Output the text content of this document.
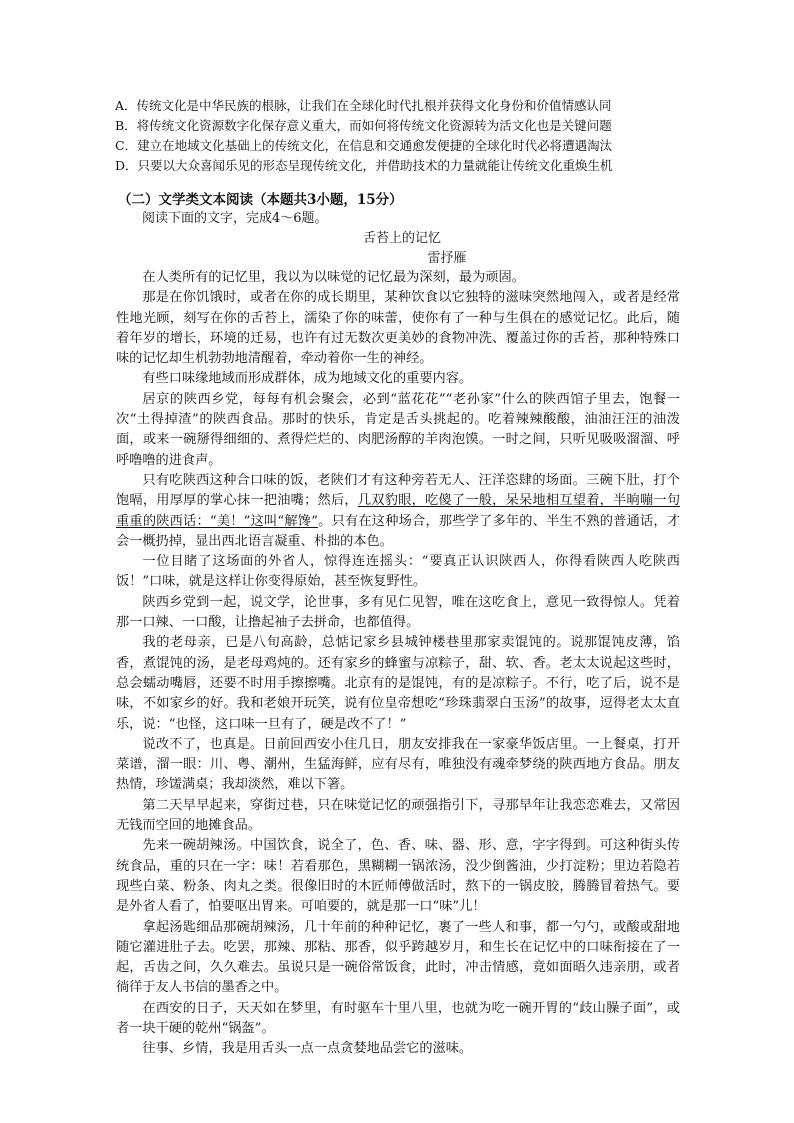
A．传统文化是中华民族的根脉，让我们在全球化时代扎根并获得文化身份和价值情感认同
B．将传统文化资源数字化保存意义重大，而如何将传统文化资源转为活文化也是关键问题
C．建立在地域文化基础上的传统文化，在信息和交通愈发便捷的全球化时代必将遭遇淘汰
D．只要以大众喜闻乐见的形态呈现传统文化，并借助技术的力量就能让传统文化重焕生机
（二）文学类文本阅读（本题共3小题，15分）
阅读下面的文字，完成4～6题。
舌苔上的记忆
雷抒雁

在人类所有的记忆里，我以为以味觉的记忆最为深刻，最为顽固。

那是在你饥饿时，或者在你的成长期里，某种饮食以它独特的滋味突然地闯入，或者是经常性地光顾，刻写在你的舌苔上，濡染了你的味蕾，使你有了一种与生俱在的感觉记忆。此后，随着年岁的增长，环境的迁易，也许有过无数次更美妙的食物冲洗、覆盖过你的舌苔，那种特殊口味的记忆却生机勃勃地清醒着，牵动着你一生的神经。

有些口味缘地域而形成群体，成为地域文化的重要内容。

居京的陕西乡党，每每有机会聚会，必到“蓝花花”“老孙家”什么的陕西馆子里去，饱餐一次“土得掉渣”的陕西食品。那时的快乐，肯定是舌头挑起的。吃着辣辣酸酸，油油汪汪的油泼面，或来一碗掰得细细的、煮得烂烂的、肉肥汤醇的羊肉泡馍。一时之间，只听见吸吸溜溜、呼呼噜噜的进食声。

只有吃陕西这种合口味的饭，老陕们才有这种旁若无人、汪洋恣肆的场面。三碗下肚，打个饱嗝，用厚厚的掌心抹一把油嘴；然后，几双豹眼，吃傻了一般，呆呆地相互望着，半晌嘣一句重重的陕西话：“美！”这叫“解馋”。只有在这种场合，那些学了多年的、半生不熟的普通话，才会一概扔掉，显出西北语言凝重、朴拙的本色。

一位目睹了这场面的外省人，惊得连连摇头：“要真正认识陕西人，你得看陕西人吃陕西饭！”口味，就是这样让你变得原始，甚至恢复野性。

陕西乡党到一起，说文学，论世事，多有见仁见智，唯在这吃食上，意见一致得惊人。凭着那一口辣、一口酸，让撸起袖子去拼命，也都值得。

我的老母亲，已是八旬高龄，总惦记家乡县城钟楼巷里那家卖馄饨的。说那馄饨皮薄，馅香，煮馄饨的汤，是老母鸡炖的。还有家乡的蜂蜜与凉粽子，甜、软、香。老太太说起这些时，总会蠕动嘴唇，还要不时用手擦擦嘴。北京有的是馄饨，有的是凉粽子。不行，吃了后，说不是味，不如家乡的好。我和老娘开玩笑，说有位皇帝想吃“珍珠翡翠白玉汤”的故事，逗得老太太直乐，说：“也怪，这口味一旦有了，硬是改不了！”

说改不了，也真是。日前回西安小住几日，朋友安排我在一家豪华饭店里。一上餐桌，打开菜谱，溜一眼：川、粤、潮州，生猛海鲜，应有尽有，唯独没有魂牵梦绕的陕西地方食品。朋友热情，珍馐满桌；我却淡然，难以下箸。

第二天早早起来，穿街过巷，只在味觉记忆的顽强指引下，寻那早年让我恋恋难去，又常因无钱而空回的地摊食品。

先来一碗胡辣汤。中国饮食，说全了，色、香、味、器、形、意，字字得到。可这种街头传统食品，重的只在一字：味！若看那色，黑糊糊一锅浓汤，没少倒酱油，少打淀粉；里边若隐若现些白菜、粉条、肉丸之类。很像旧时的木匠师傅做活时，熬下的一锅皮胶，腾腾冒着热气。要是外省人看了，怕要呕出胃来。可咱要的，就是那一口“味”儿！

拿起汤匙细品那碗胡辣汤，几十年前的种种记忆，裹了一些人和事，都一勺勺，或酸或甜地随它灌进肚子去。吃罢，那辣、那粘、那香，似乎跨越岁月，和生长在记忆中的口味衔接在了一起，舌齿之间，久久难去。虽说只是一碗俗常饭食，此时，冲击情感，竟如面晤久违亲朋，或者徜徉于友人书信的墨香之中。

在西安的日子，天天如在梦里，有时驱车十里八里，也就为吃一碗开胃的“歧山臊子面”，或者一块干硬的乾州“锅盔”。

往事、乡情，我是用舌头一点一点贪婪地品尝它的滋味。
